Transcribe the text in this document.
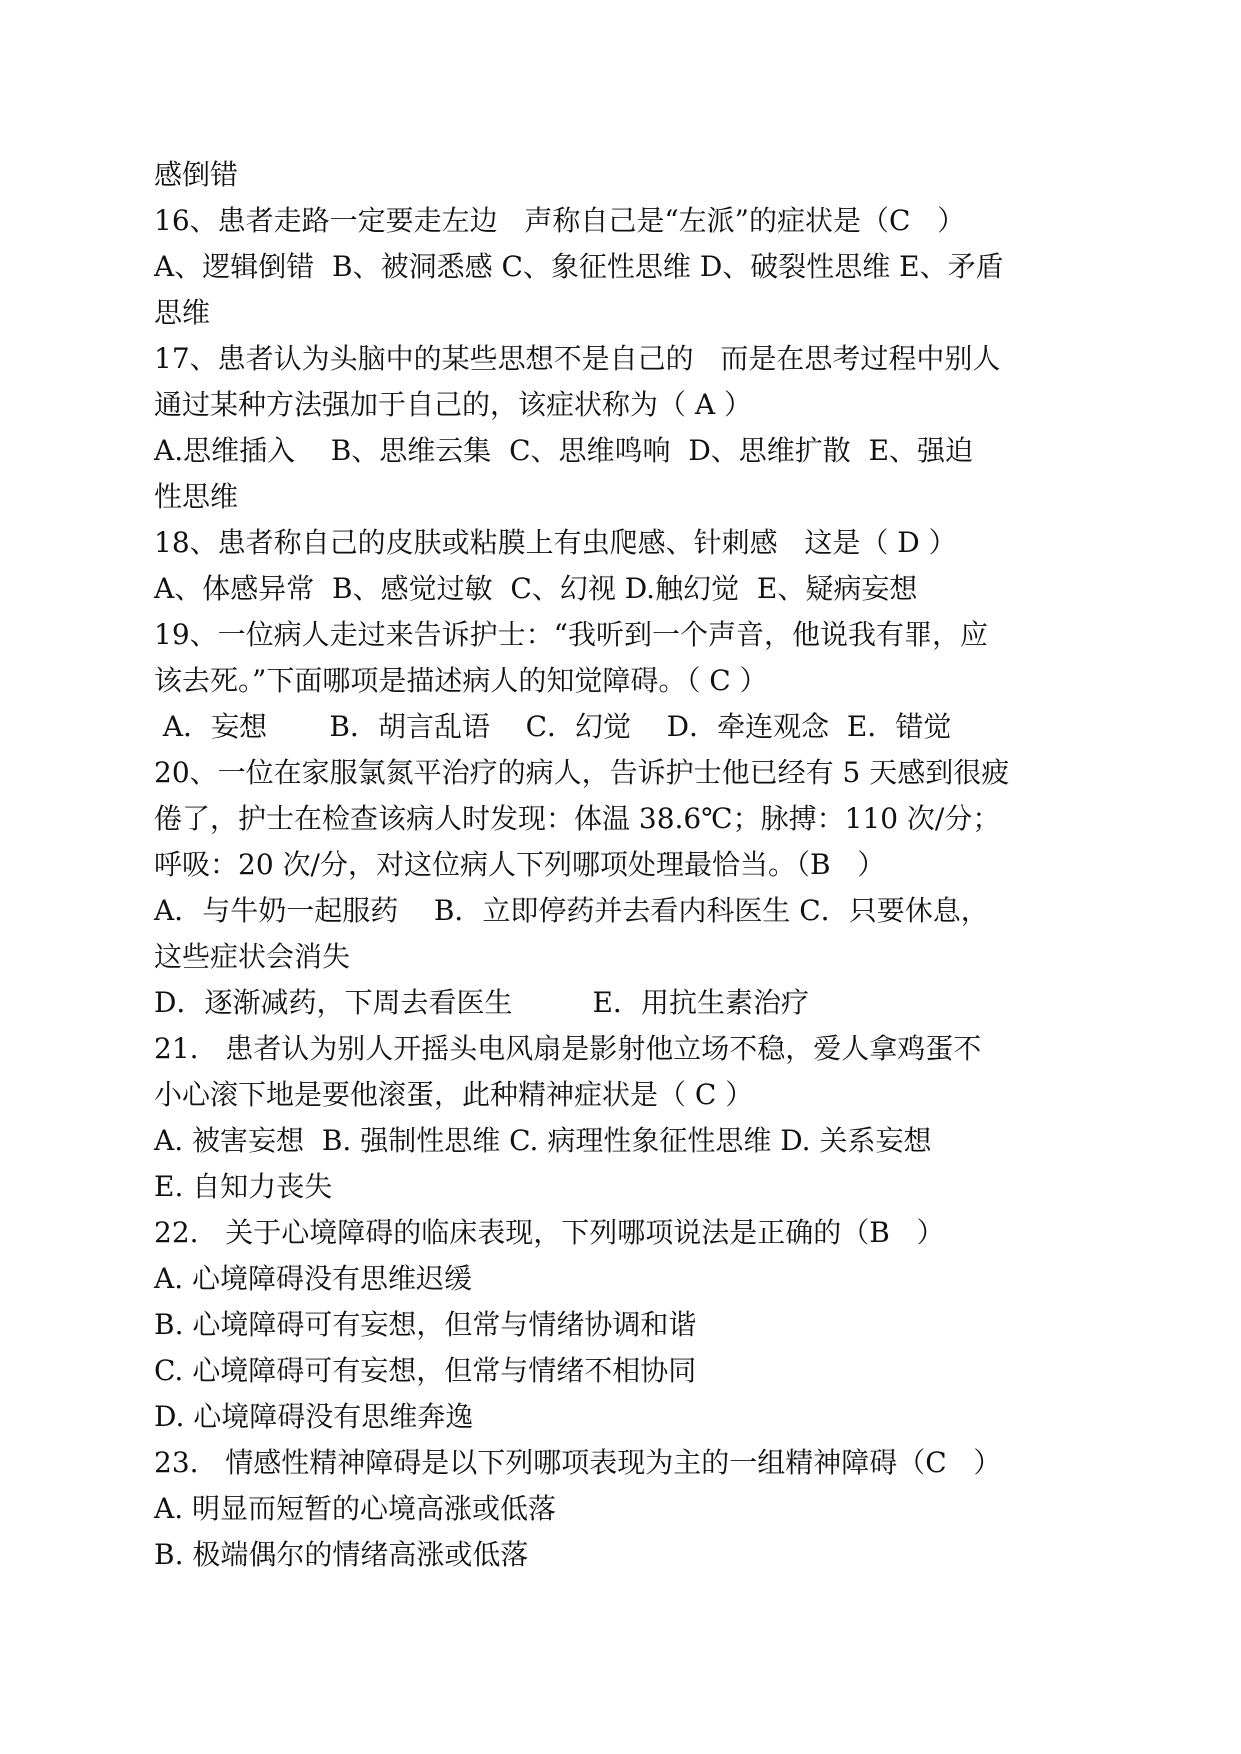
感倒错
16、患者走路一定要走左边   声称自己是“左派”的症状是（C   ）
A、逻辑倒错  B、被洞悉感 C、象征性思维 D、破裂性思维 E、矛盾
思维
17、患者认为头脑中的某些思想不是自己的   而是在思考过程中别人
通过某种方法强加于自己的，该症状称为（ A ）
A.思维插入    B、思维云集  C、思维鸣响  D、思维扩散  E、强迫
性思维
18、患者称自己的皮肤或粘膜上有虫爬感、针刺感   这是（ D ）
A、体感异常  B、感觉过敏  C、幻视 D.触幻觉  E、疑病妄想
19、一位病人走过来告诉护士：“我听到一个声音，他说我有罪，应
该去死。”下面哪项是描述病人的知觉障碍。（ C ）
A．妄想       B．胡言乱语    C．幻觉    D．牵连观念  E．错觉
20、一位在家服氯氮平治疗的病人，告诉护士他已经有 5 天感到很疲
倦了，护士在检查该病人时发现：体温 38.6℃；脉搏：110 次/分；
呼吸：20 次/分，对这位病人下列哪项处理最恰当。（B   ）
A．与牛奶一起服药    B．立即停药并去看内科医生 C．只要休息，
这些症状会消失
D．逐渐减药，下周去看医生         E．用抗生素治疗
21.   患者认为别人开摇头电风扇是影射他立场不稳，爱人拿鸡蛋不
小心滚下地是要他滚蛋，此种精神症状是（ C ）
A. 被害妄想  B. 强制性思维 C. 病理性象征性思维 D. 关系妄想
E. 自知力丧失
22.   关于心境障碍的临床表现，下列哪项说法是正确的（B   ）
A. 心境障碍没有思维迟缓
B. 心境障碍可有妄想，但常与情绪协调和谐
C. 心境障碍可有妄想，但常与情绪不相协同
D. 心境障碍没有思维奔逸
23.   情感性精神障碍是以下列哪项表现为主的一组精神障碍（C   ）
A. 明显而短暂的心境高涨或低落
B. 极端偶尔的情绪高涨或低落
